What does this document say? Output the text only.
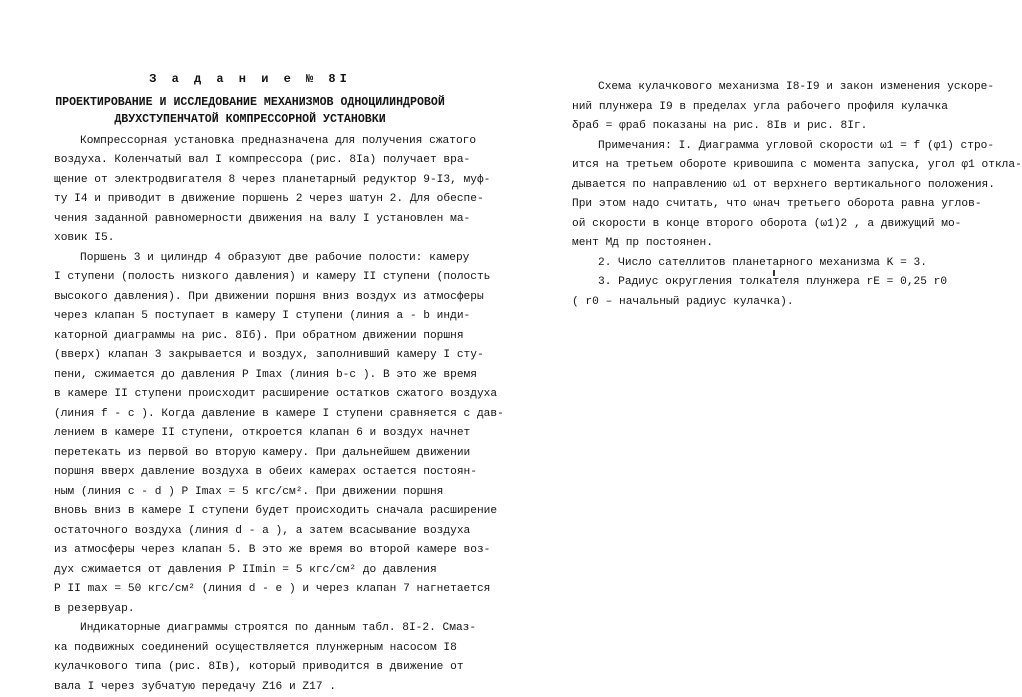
З а д а н и е № 8I
ПРОЕКТИРОВАНИЕ И ИССЛЕДОВАНИЕ МЕХАНИЗМОВ ОДНОЦИЛИНДРОВОЙ
ДВУХСТУПЕНЧАТОЙ КОМПРЕССОРНОЙ УСТАНОВКИ
Компрессорная установка предназначена для получения сжатого
воздуха. Коленчатый вал I компрессора (рис. 8Iа) получает вра-
щение от электродвигателя 8 через планетарный редуктор 9-I3, муф-
ту I4 и приводит в движение поршень 2 через шатун 2. Для обеспе-
чения заданной равномерности движения на валу I установлен ма-
ховик I5.
Поршень 3 и цилиндр 4 образуют две рабочие полости: камеру
I ступени (полость низкого давления) и камеру II ступени (полость
высокого давления). При движении поршня вниз воздух из атмосферы
через клапан 5 поступает в камеру I ступени (линия a - b инди-
каторной диаграммы на рис. 8Iб). При обратном движении поршня
(вверх) клапан 3 закрывается и воздух, заполнивший камеру I сту-
пени, сжимается до давления P Imax (линия b-c ). В это же время
в камере II ступени происходит расширение остатков сжатого воздуха
(линия f - c ). Когда давление в камере I ступени сравняется с дав-
лением в камере II ступени, откроется клапан 6 и воздух начнет
перетекать из первой во вторую камеру. При дальнейшем движении
поршня вверх давление воздуха в обеих камерах остается постоян-
ным (линия c - d ) P Imax = 5 кгс/см². При движении поршня
вновь вниз в камере I ступени будет происходить сначала расширение
остаточного воздуха (линия d - a ), а затем всасывание воздуха
из атмосферы через клапан 5. В это же время во второй камере воз-
дух сжимается от давления P IImin = 5 кгс/см² до давления
P II max = 50 кгс/см² (линия d - e ) и через клапан 7 нагнетается
в резервуар.
Индикаторные диаграммы строятся по данным табл. 8I-2. Смаз-
ка подвижных соединений осуществляется плунжерным насосом I8
кулачкового типа (рис. 8Iв), который приводится в движение от
вала I через зубчатую передачу Z16 и Z17 .
Схема кулачкового механизма I8-I9 и закон изменения ускоре-
ний плунжера I9 в пределах угла рабочего профиля кулачка
δраб = φраб показаны на рис. 8Iв и рис. 8Iг.
Примечания: I. Диаграмма угловой скорости ω1 = f (φ1) стро-
ится на третьем обороте кривошипа с момента запуска, угол φ1 откла-
дывается по направлению ω1 от верхнего вертикального положения.
При этом надо считать, что ωнач третьего оборота равна углов-
ой скорости в конце второго оборота (ω1)2 , а движущий мо-
мент Mд пр постоянен.
2. Число сателлитов планетарного механизма K = 3.
3. Радиус округления толкателя плунжера rE = 0,25 r0
( r0 – начальный радиус кулачка).
